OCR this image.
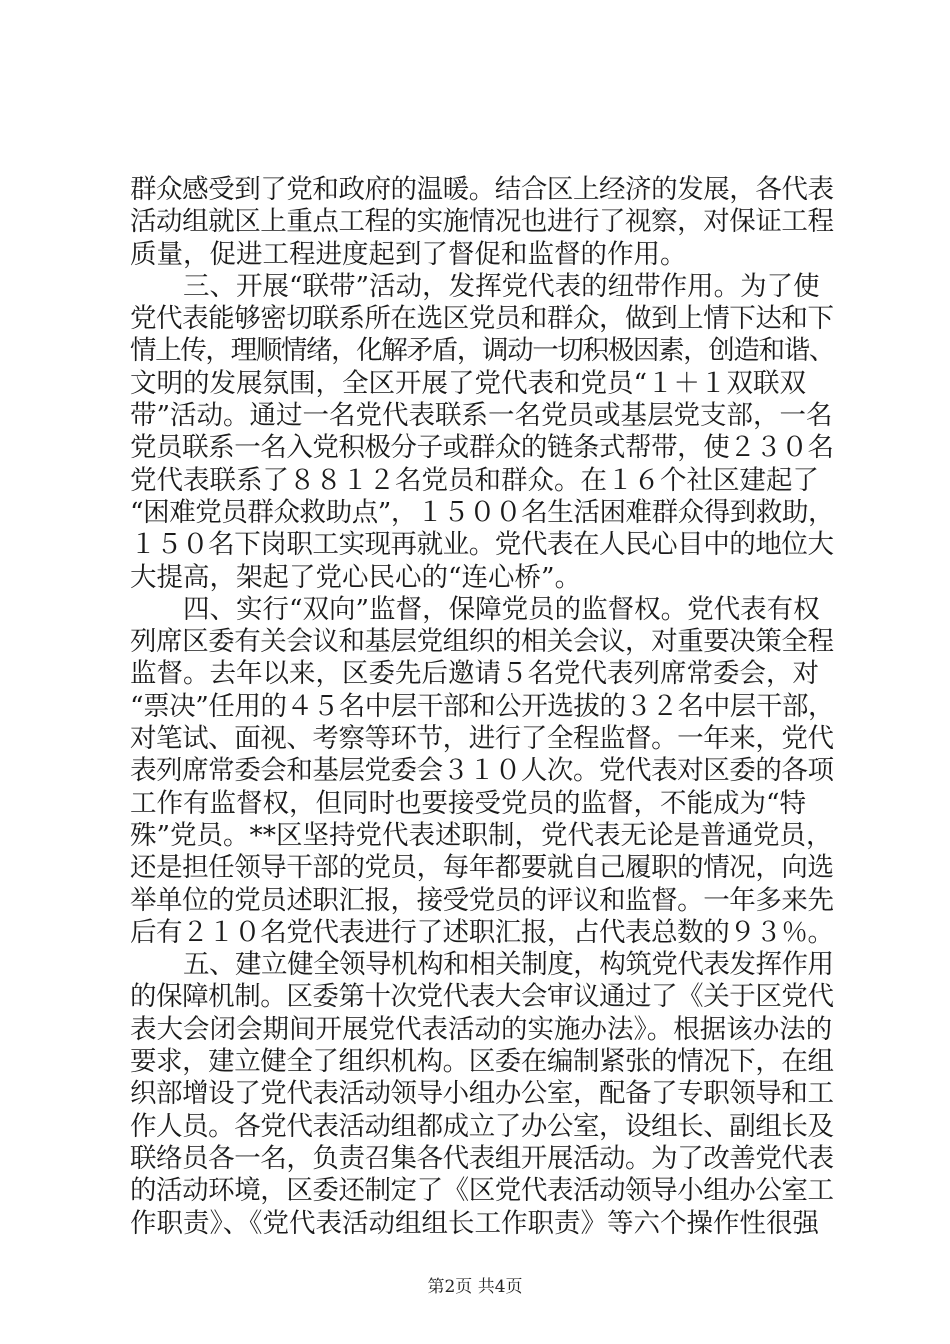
群众感受到了党和政府的温暖。结合区上经济的发展，各代表
活动组就区上重点工程的实施情况也进行了视察，对保证工程
质量，促进工程进度起到了督促和监督的作用。
三、开展“联带”活动，发挥党代表的纽带作用。为了使
党代表能够密切联系所在选区党员和群众，做到上情下达和下
情上传，理顺情绪，化解矛盾，调动一切积极因素，创造和谐、
文明的发展氛围，全区开展了党代表和党员“１＋１双联双
带”活动。通过一名党代表联系一名党员或基层党支部，一名
党员联系一名入党积极分子或群众的链条式帮带，使２３０名
党代表联系了８８１２名党员和群众。在１６个社区建起了
“困难党员群众救助点”，１５００名生活困难群众得到救助，
１５０名下岗职工实现再就业。党代表在人民心目中的地位大
大提高，架起了党心民心的“连心桥”。
四、实行“双向”监督，保障党员的监督权。党代表有权
列席区委有关会议和基层党组织的相关会议，对重要决策全程
监督。去年以来，区委先后邀请５名党代表列席常委会，对
“票决”任用的４５名中层干部和公开选拔的３２名中层干部，
对笔试、面视、考察等环节，进行了全程监督。一年来，党代
表列席常委会和基层党委会３１０人次。党代表对区委的各项
工作有监督权，但同时也要接受党员的监督，不能成为“特
殊”党员。**区坚持党代表述职制，党代表无论是普通党员，
还是担任领导干部的党员，每年都要就自己履职的情况，向选
举单位的党员述职汇报，接受党员的评议和监督。一年多来先
后有２１０名党代表进行了述职汇报，占代表总数的９３％。
五、建立健全领导机构和相关制度，构筑党代表发挥作用
的保障机制。区委第十次党代表大会审议通过了《关于区党代
表大会闭会期间开展党代表活动的实施办法》。根据该办法的
要求，建立健全了组织机构。区委在编制紧张的情况下，在组
织部增设了党代表活动领导小组办公室，配备了专职领导和工
作人员。各党代表活动组都成立了办公室，设组长、副组长及
联络员各一名，负责召集各代表组开展活动。为了改善党代表
的活动环境，区委还制定了《区党代表活动领导小组办公室工
作职责》、《党代表活动组组长工作职责》等六个操作性很强
第2页 共4页
